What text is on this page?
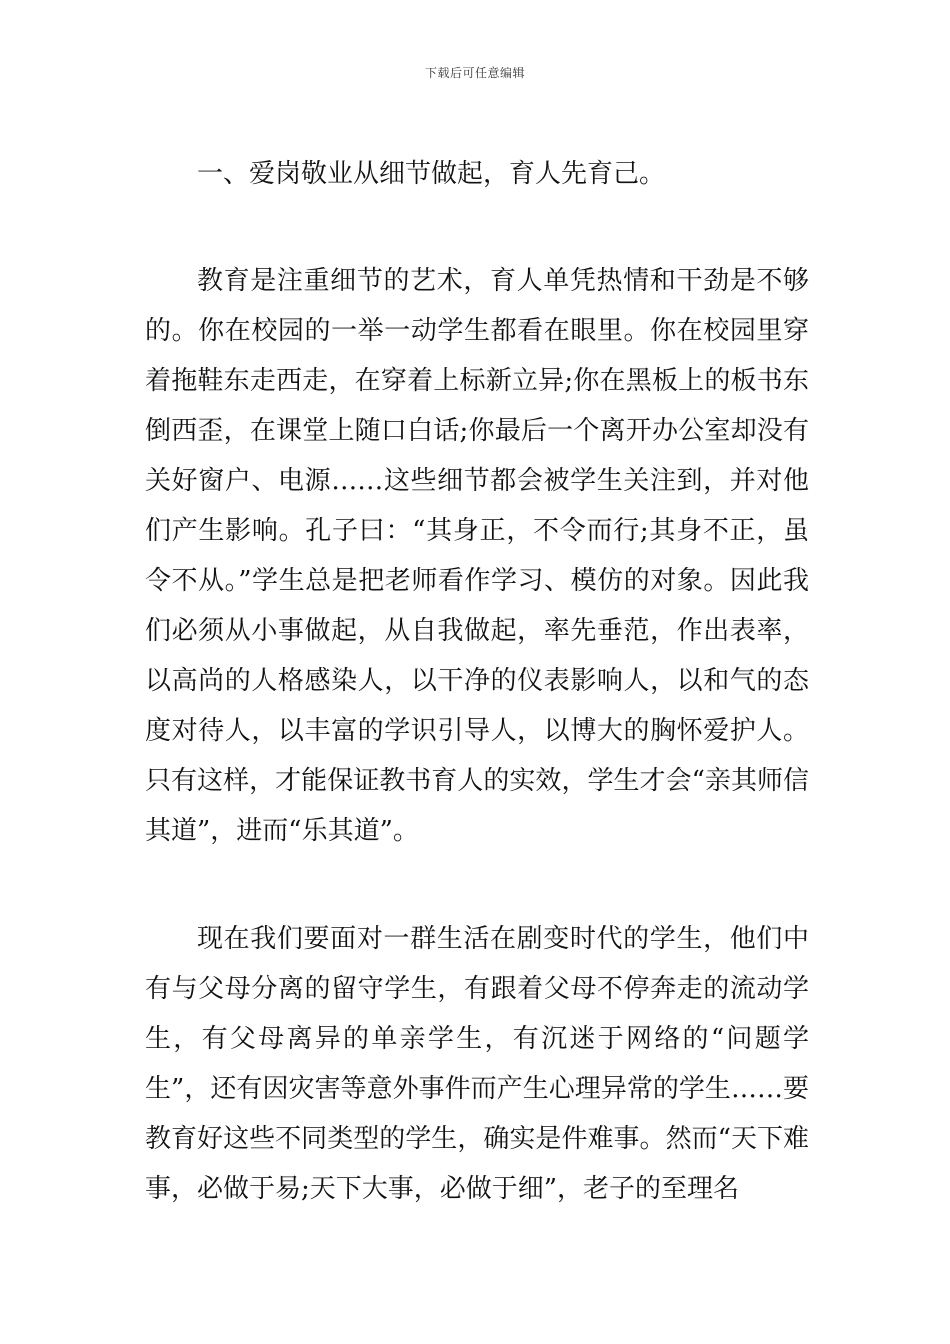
下载后可任意编辑

一、爱岗敬业从细节做起，育人先育己。

教育是注重细节的艺术，育人单凭热情和干劲是不够的。你在校园的一举一动学生都看在眼里。你在校园里穿着拖鞋东走西走，在穿着上标新立异;你在黑板上的板书东倒西歪，在课堂上随口白话;你最后一个离开办公室却没有关好窗户、电源……这些细节都会被学生关注到，并对他们产生影响。孔子曰：“其身正，不令而行;其身不正，虽令不从。”学生总是把老师看作学习、模仿的对象。因此我们必须从小事做起，从自我做起，率先垂范，作出表率，以高尚的人格感染人，以干净的仪表影响人，以和气的态度对待人，以丰富的学识引导人，以博大的胸怀爱护人。只有这样，才能保证教书育人的实效，学生才会“亲其师信其道”，进而“乐其道”。

现在我们要面对一群生活在剧变时代的学生，他们中有与父母分离的留守学生，有跟着父母不停奔走的流动学生，有父母离异的单亲学生，有沉迷于网络的“问题学生”，还有因灾害等意外事件而产生心理异常的学生……要教育好这些不同类型的学生，确实是件难事。然而“天下难事，必做于易;天下大事，必做于细”，老子的至理名
